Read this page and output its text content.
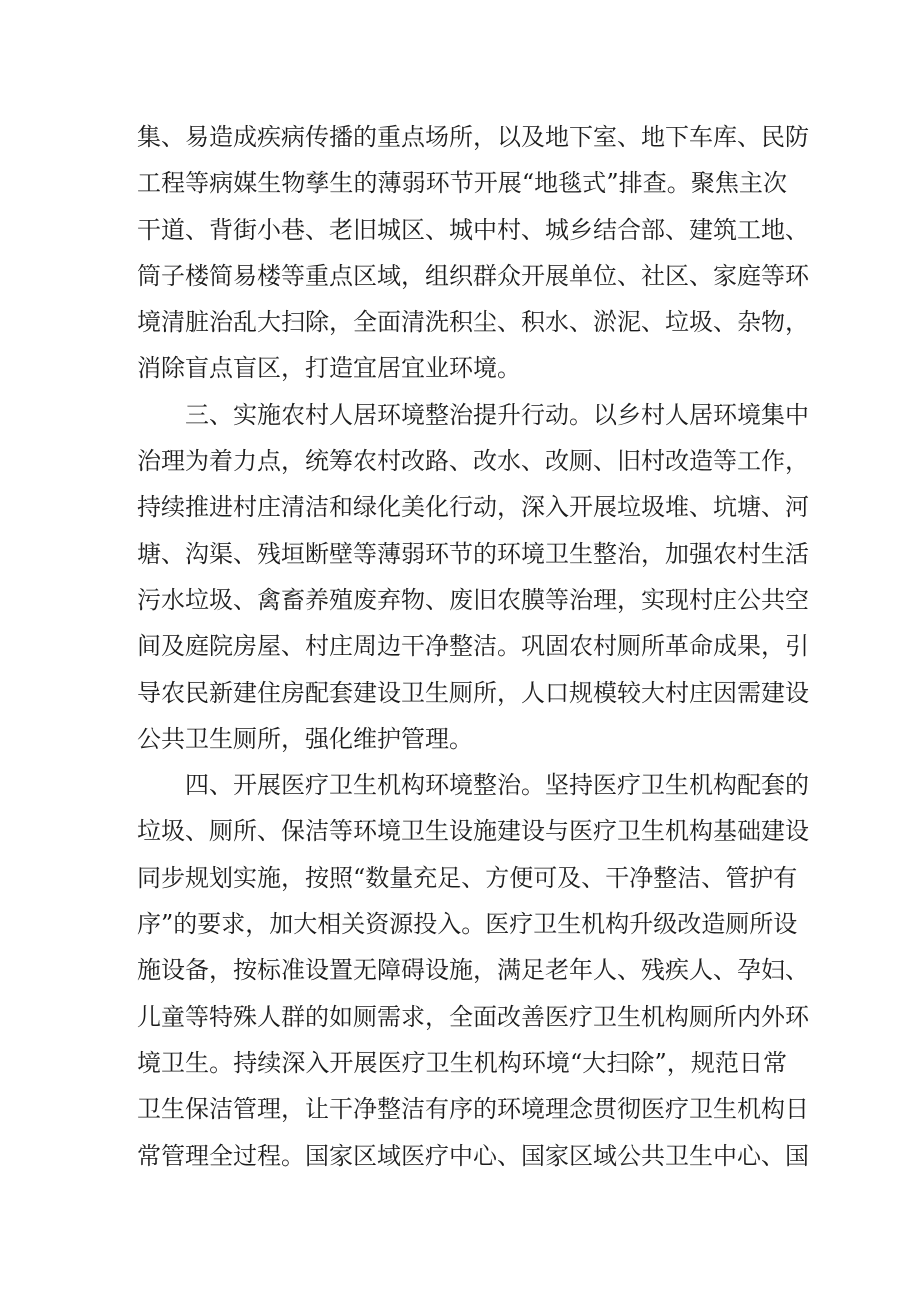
集、易造成疾病传播的重点场所，以及地下室、地下车库、民防
工程等病媒生物孳生的薄弱环节开展“地毯式”排查。聚焦主次
干道、背街小巷、老旧城区、城中村、城乡结合部、建筑工地、
筒子楼简易楼等重点区域，组织群众开展单位、社区、家庭等环
境清脏治乱大扫除，全面清洗积尘、积水、淤泥、垃圾、杂物，
消除盲点盲区，打造宜居宜业环境。
三、实施农村人居环境整治提升行动。以乡村人居环境集中
治理为着力点，统筹农村改路、改水、改厕、旧村改造等工作，
持续推进村庄清洁和绿化美化行动，深入开展垃圾堆、坑塘、河
塘、沟渠、残垣断壁等薄弱环节的环境卫生整治，加强农村生活
污水垃圾、禽畜养殖废弃物、废旧农膜等治理，实现村庄公共空
间及庭院房屋、村庄周边干净整洁。巩固农村厕所革命成果，引
导农民新建住房配套建设卫生厕所，人口规模较大村庄因需建设
公共卫生厕所，强化维护管理。
四、开展医疗卫生机构环境整治。坚持医疗卫生机构配套的
垃圾、厕所、保洁等环境卫生设施建设与医疗卫生机构基础建设
同步规划实施，按照“数量充足、方便可及、干净整洁、管护有
序”的要求，加大相关资源投入。医疗卫生机构升级改造厕所设
施设备，按标准设置无障碍设施，满足老年人、残疾人、孕妇、
儿童等特殊人群的如厕需求，全面改善医疗卫生机构厕所内外环
境卫生。持续深入开展医疗卫生机构环境“大扫除”，规范日常
卫生保洁管理，让干净整洁有序的环境理念贯彻医疗卫生机构日
常管理全过程。国家区域医疗中心、国家区域公共卫生中心、国
